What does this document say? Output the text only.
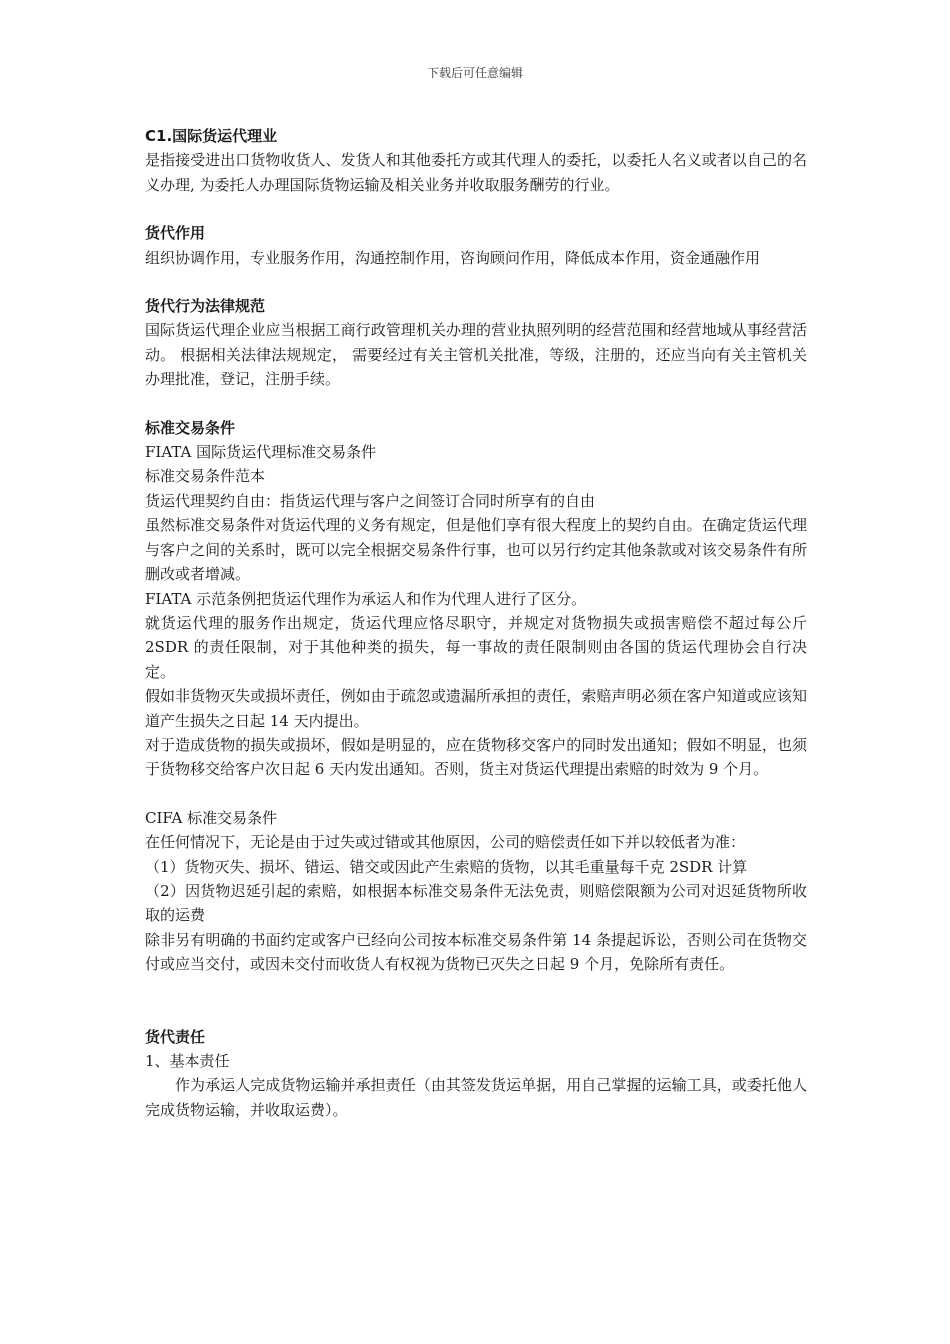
下载后可任意编辑

C1.国际货运代理业

是指接受进出口货物收货人、发货人和其他委托方或其代理人的委托，以委托人名义或者以自己的名义办理, 为委托人办理国际货物运输及相关业务并收取服务酬劳的行业。

货代作用

组织协调作用，专业服务作用，沟通控制作用，咨询顾问作用，降低成本作用，资金通融作用

货代行为法律规范

国际货运代理企业应当根据工商行政管理机关办理的营业执照列明的经营范围和经营地域从事经营活动。 根据相关法律法规规定， 需要经过有关主管机关批准，等级，注册的，还应当向有关主管机关办理批准，登记，注册手续。

标准交易条件

FIATA 国际货运代理标准交易条件

标准交易条件范本

货运代理契约自由：指货运代理与客户之间签订合同时所享有的自由

虽然标准交易条件对货运代理的义务有规定，但是他们享有很大程度上的契约自由。在确定货运代理与客户之间的关系时，既可以完全根据交易条件行事，也可以另行约定其他条款或对该交易条件有所删改或者增减。

FIATA 示范条例把货运代理作为承运人和作为代理人进行了区分。

就货运代理的服务作出规定，货运代理应恪尽职守，并规定对货物损失或损害赔偿不超过每公斤 2SDR 的责任限制，对于其他种类的损失，每一事故的责任限制则由各国的货运代理协会自行决定。

假如非货物灭失或损坏责任，例如由于疏忽或遗漏所承担的责任，索赔声明必须在客户知道或应该知道产生损失之日起 14 天内提出。

对于造成货物的损失或损坏，假如是明显的，应在货物移交客户的同时发出通知；假如不明显，也须于货物移交给客户次日起 6 天内发出通知。否则，货主对货运代理提出索赔的时效为 9 个月。

CIFA 标准交易条件

在任何情况下，无论是由于过失或过错或其他原因，公司的赔偿责任如下并以较低者为准：

（1）货物灭失、损坏、错运、错交或因此产生索赔的货物，以其毛重量每千克 2SDR 计算

（2）因货物迟延引起的索赔，如根据本标准交易条件无法免责，则赔偿限额为公司对迟延货物所收取的运费

除非另有明确的书面约定或客户已经向公司按本标准交易条件第 14 条提起诉讼，否则公司在货物交付或应当交付，或因未交付而收货人有权视为货物已灭失之日起 9 个月，免除所有责任。

货代责任

1、基本责任

作为承运人完成货物运输并承担责任（由其签发货运单据，用自己掌握的运输工具，或委托他人完成货物运输，并收取运费）。
